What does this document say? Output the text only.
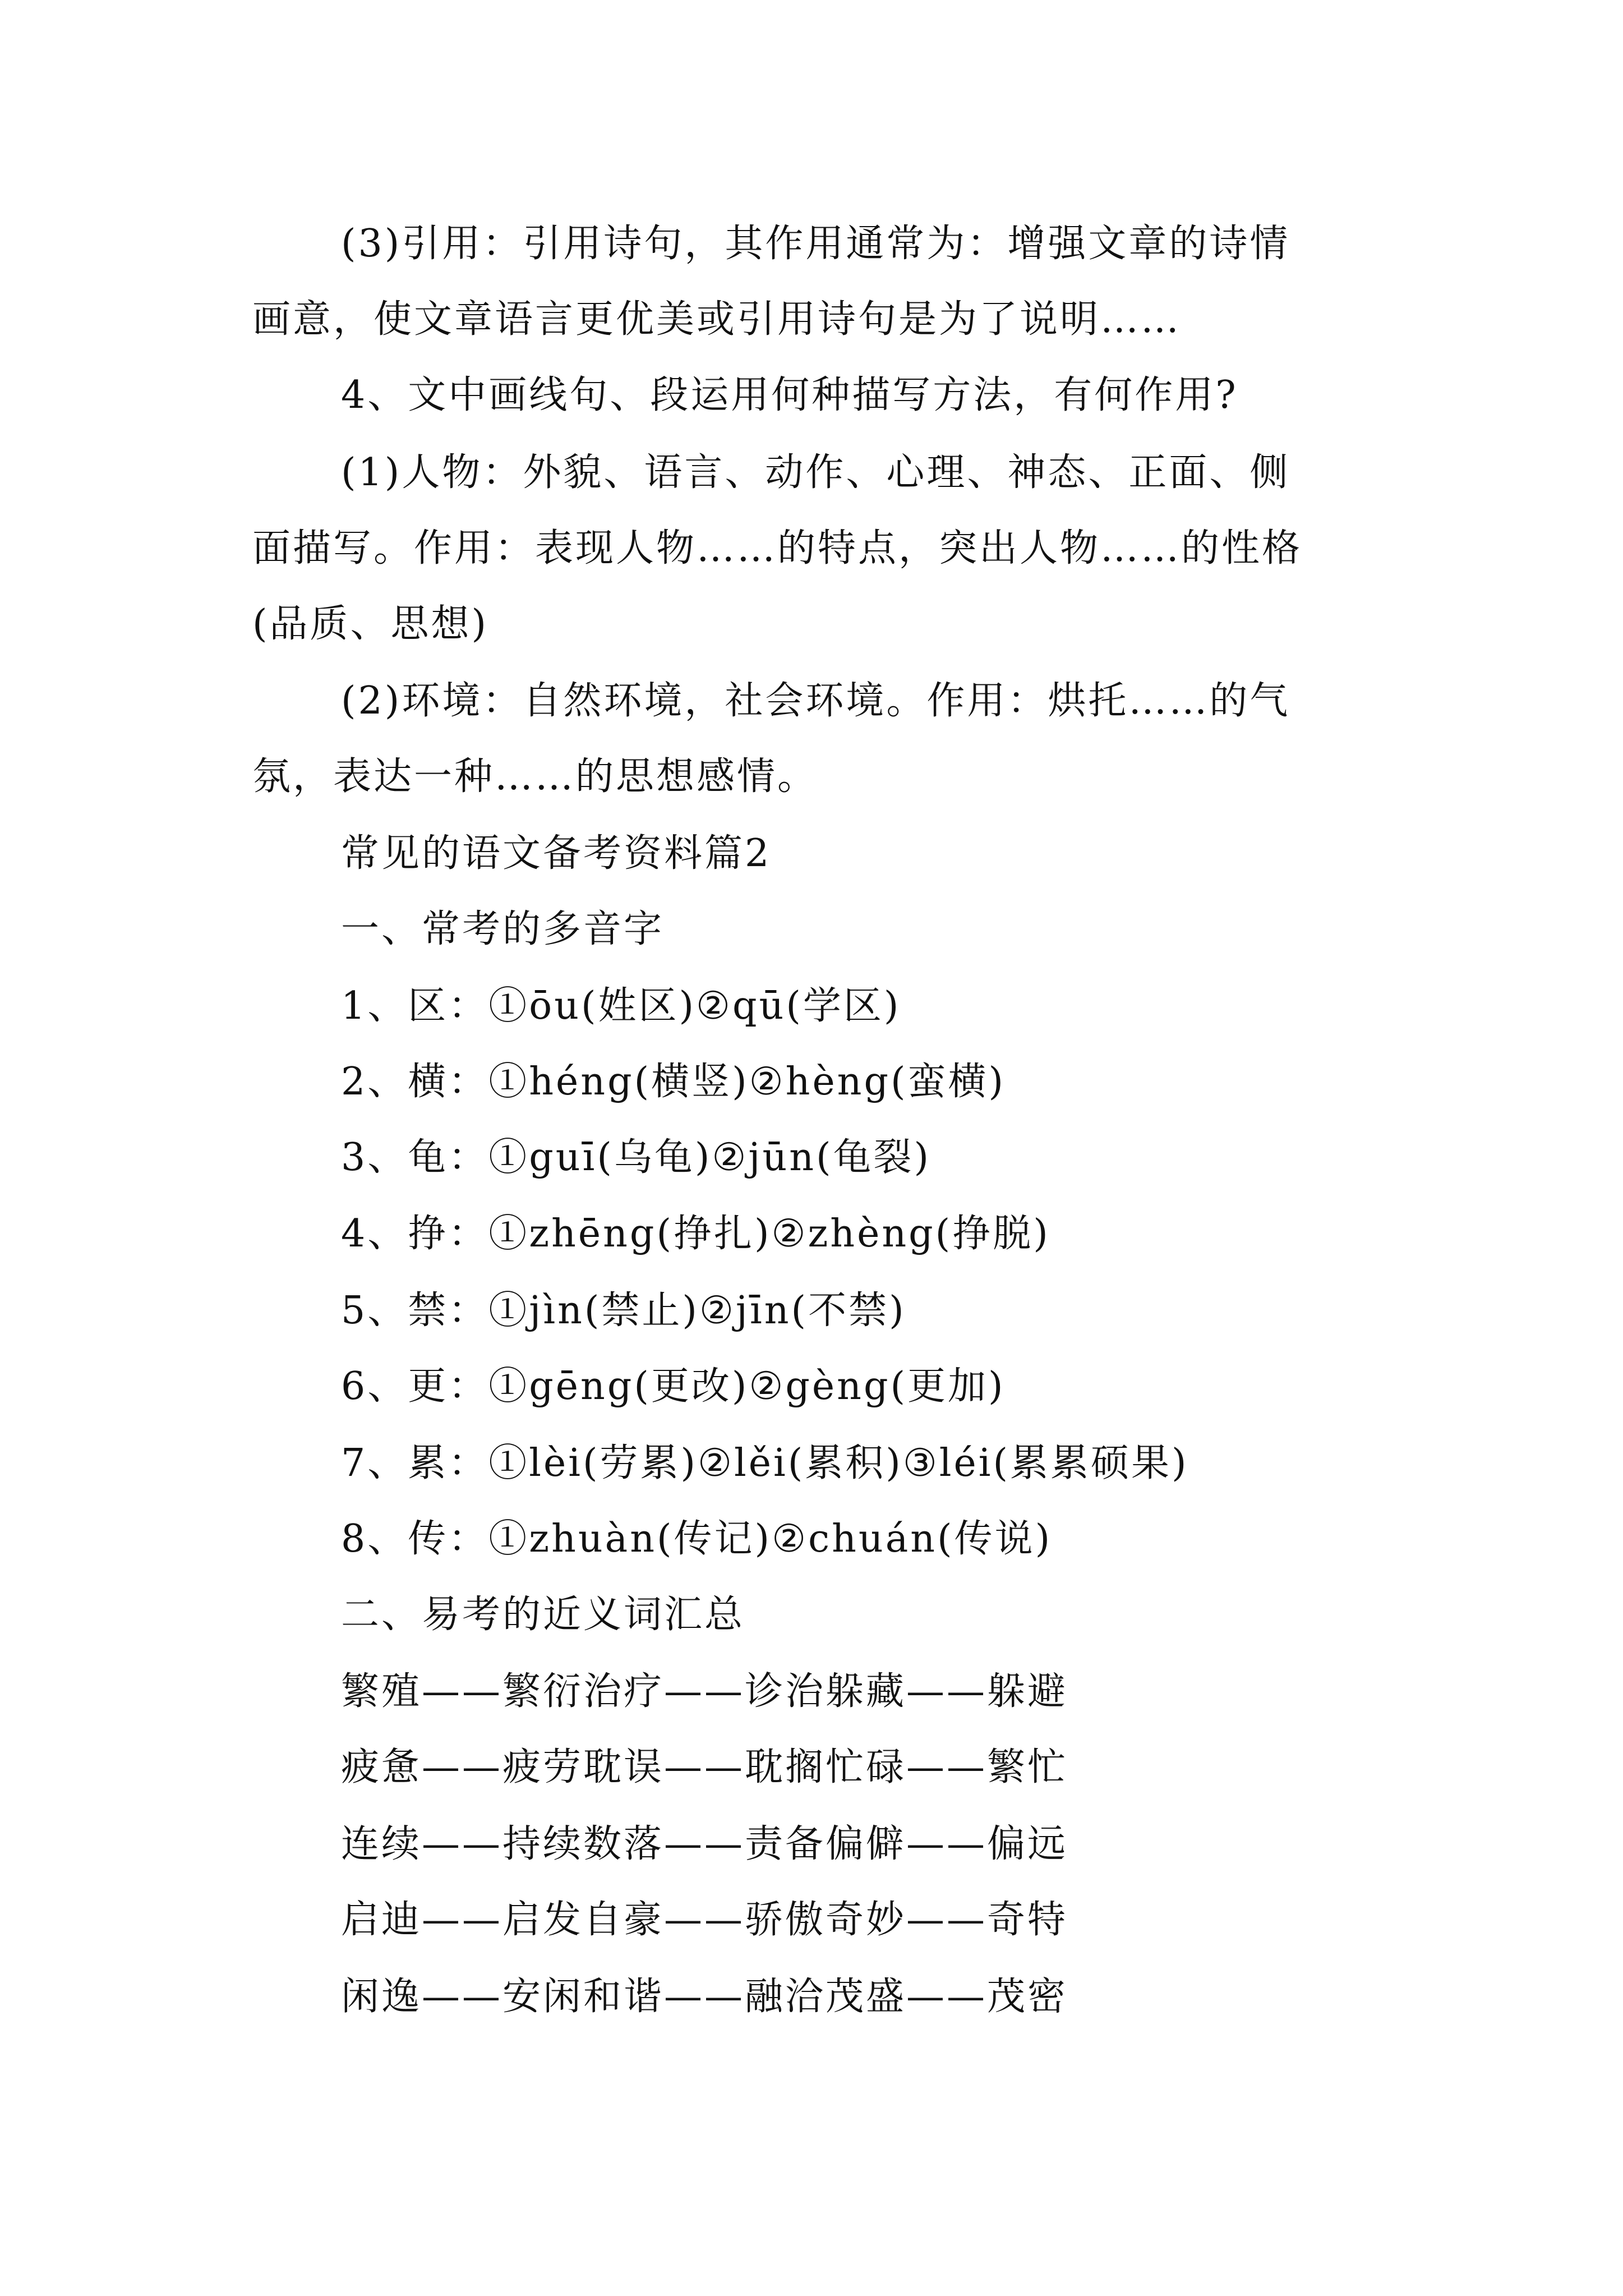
(3)引用：引用诗句，其作用通常为：增强文章的诗情
画意，使文章语言更优美或引用诗句是为了说明……
4、文中画线句、段运用何种描写方法，有何作用?
(1)人物：外貌、语言、动作、心理、神态、正面、侧
面描写。作用：表现人物……的特点，突出人物……的性格
(品质、思想)
(2)环境：自然环境，社会环境。作用：烘托……的气
氛，表达一种……的思想感情。
常见的语文备考资料篇2
一、常考的多音字
1、区：①ōu(姓区)②qū(学区)
2、横：①héng(横竖)②hèng(蛮横)
3、龟：①guī(乌龟)②jūn(龟裂)
4、挣：①zhēng(挣扎)②zhèng(挣脱)
5、禁：①jìn(禁止)②jīn(不禁)
6、更：①gēng(更改)②gèng(更加)
7、累：①lèi(劳累)②lěi(累积)③léi(累累硕果)
8、传：①zhuàn(传记)②chuán(传说)
二、易考的近义词汇总
繁殖——繁衍治疗——诊治躲藏——躲避
疲惫——疲劳耽误——耽搁忙碌——繁忙
连续——持续数落——责备偏僻——偏远
启迪——启发自豪——骄傲奇妙——奇特
闲逸——安闲和谐——融洽茂盛——茂密
